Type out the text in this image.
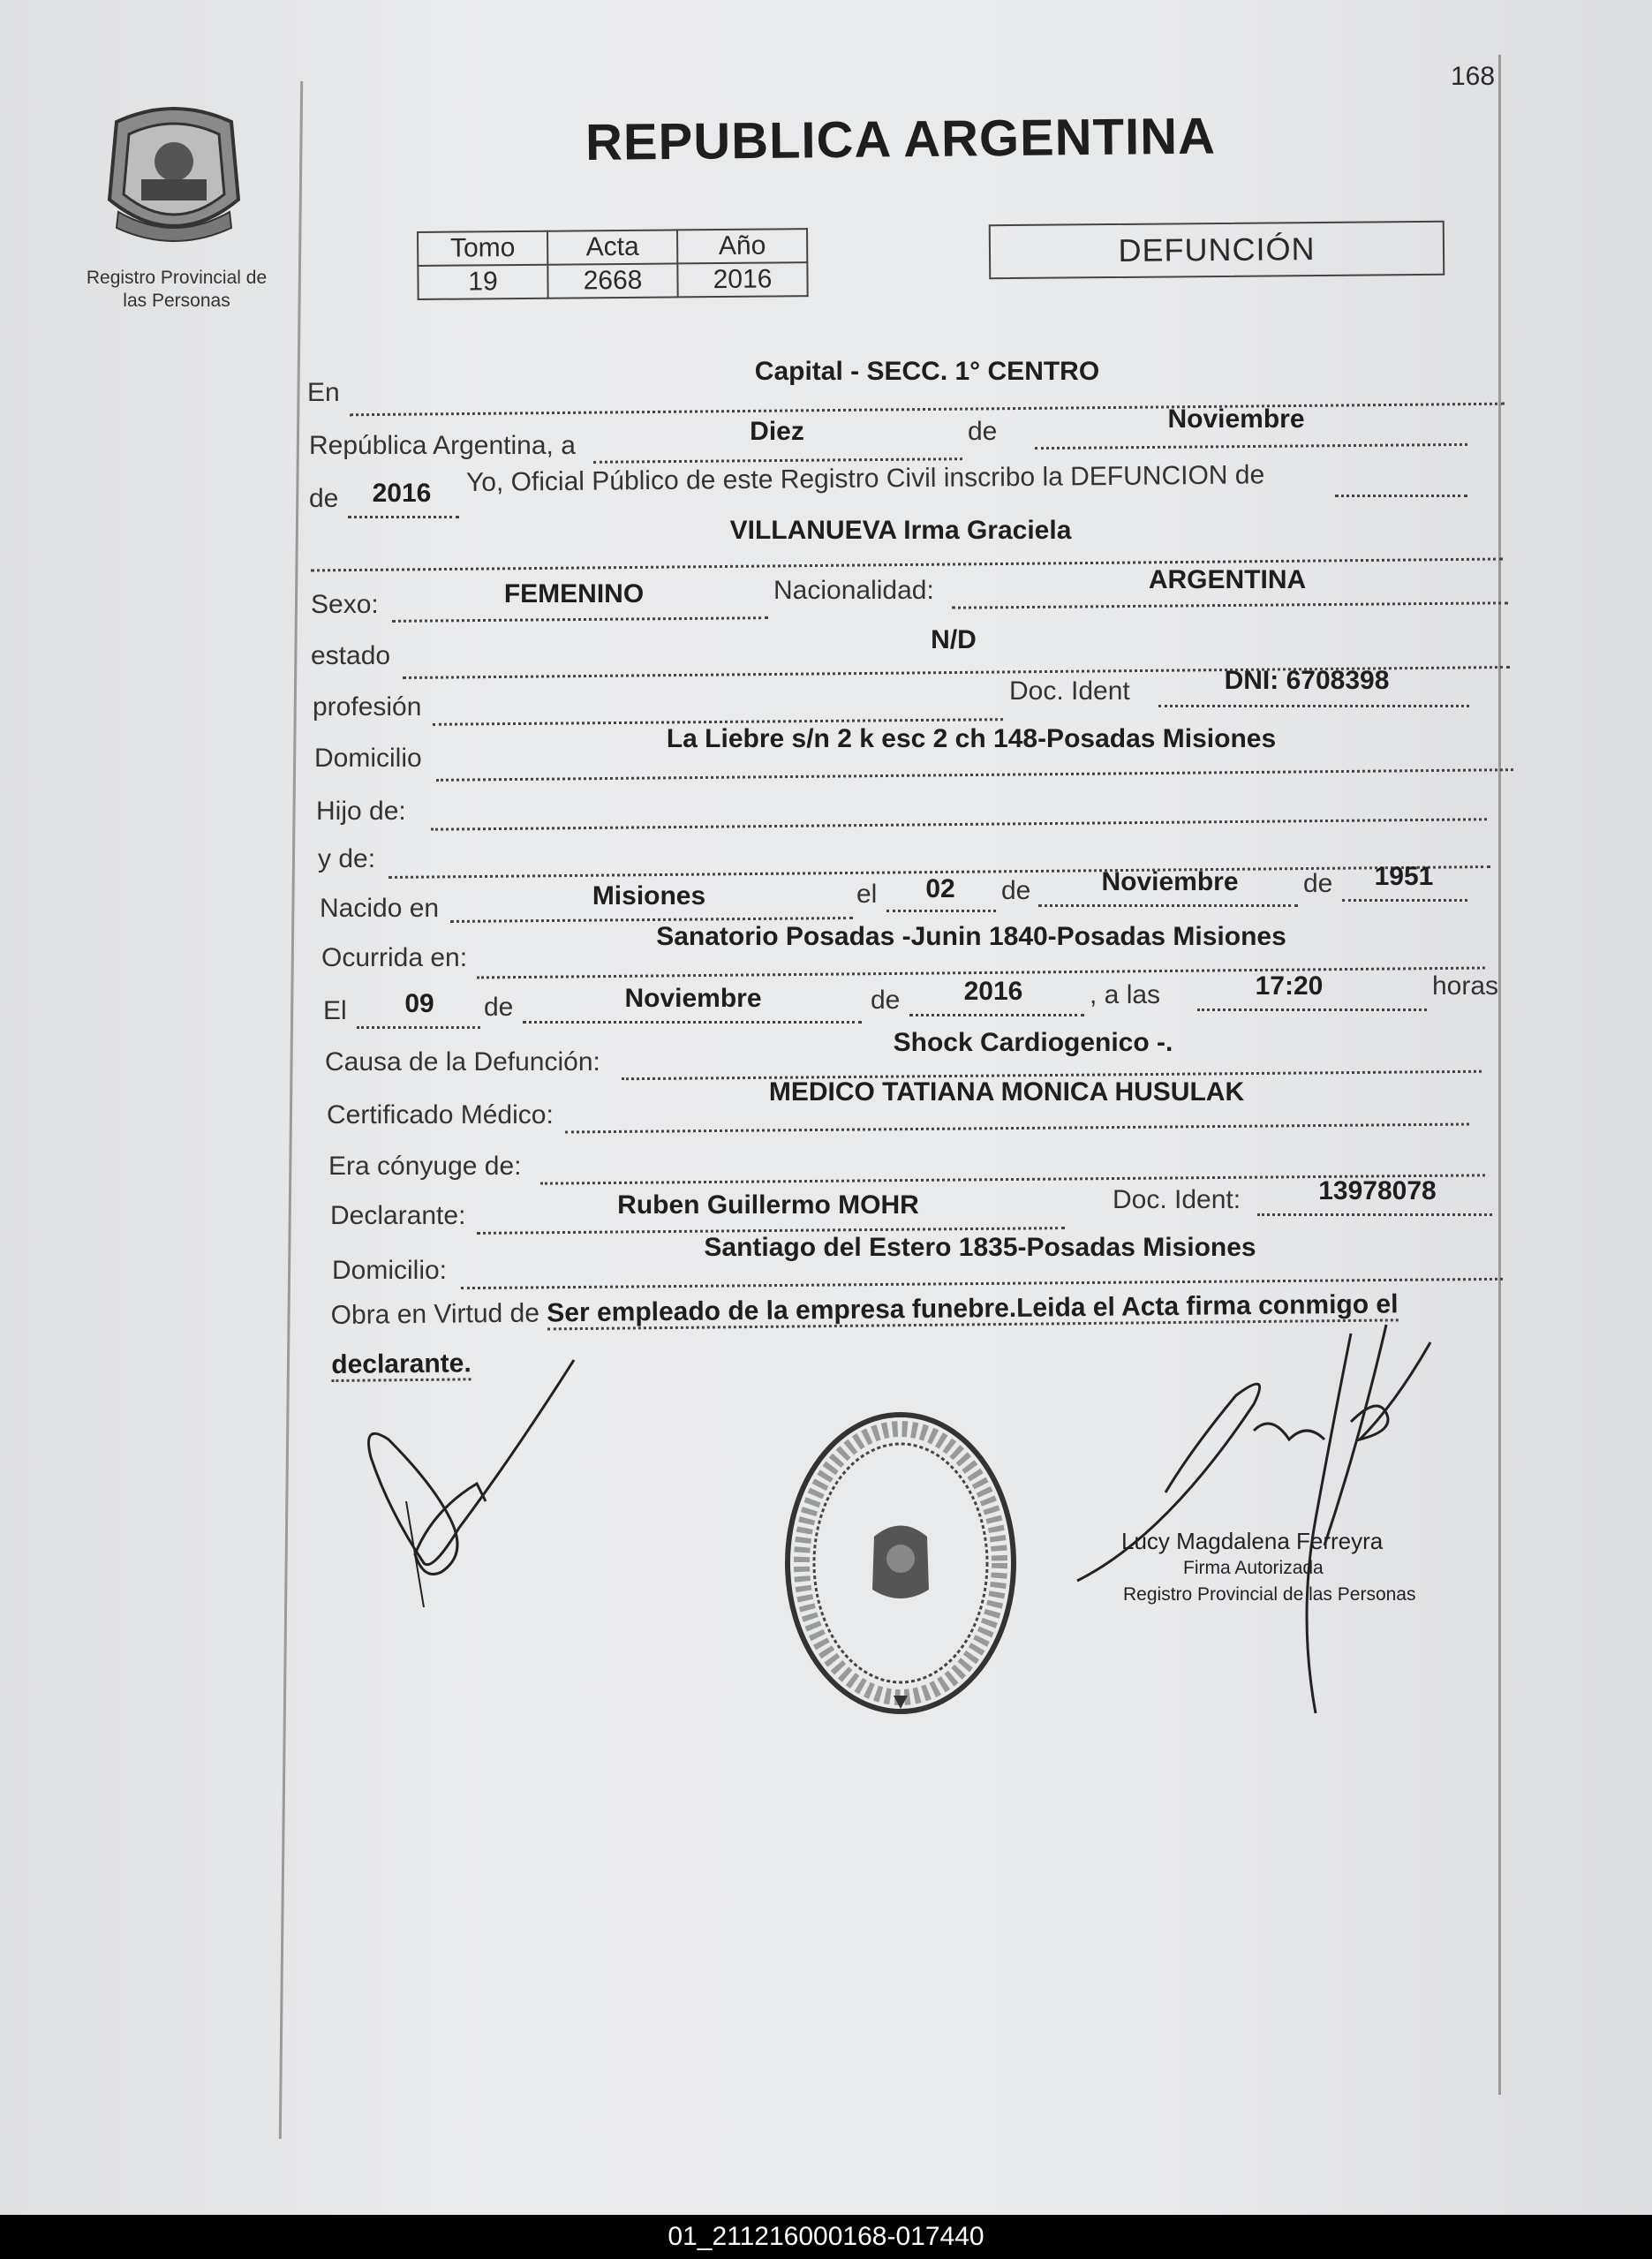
168
Registro Provincial de
las Personas
REPUBLICA ARGENTINA
Tomo	Acta	Año
19	2668	2016
DEFUNCIÓN
En
Capital - SECC. 1° CENTRO
República Argentina, a	Diez	de	Noviembre
de	2016	Yo, Oficial Público de este Registro Civil inscribo la DEFUNCION de
VILLANUEVA Irma Graciela
Sexo:	FEMENINO	Nacionalidad:	ARGENTINA
estado
N/D
profesión
Doc. Ident	DNI: 6708398
Domicilio
La Liebre s/n 2 k esc 2 ch 148-Posadas Misiones
Hijo de:
y de:
Nacido en	Misiones	el	02	de	Noviembre	de	1951
Ocurrida en:
Sanatorio Posadas -Junin 1840-Posadas Misiones
El	09	de	Noviembre	de	2016	, a las	17:20	horas
Causa de la Defunción:
Shock Cardiogenico -.
Certificado Médico:
MEDICO TATIANA MONICA HUSULAK
Era cónyuge de:
Declarante:	Ruben Guillermo MOHR	Doc. Ident:	13978078
Domicilio:
Santiago del Estero 1835-Posadas Misiones
Obra en Virtud de Ser empleado de la empresa funebre.Leida el Acta firma conmigo el declarante.
Lucy Magdalena Ferreyra
Firma Autorizada
Registro Provincial de las Personas
01_211216000168-017440
